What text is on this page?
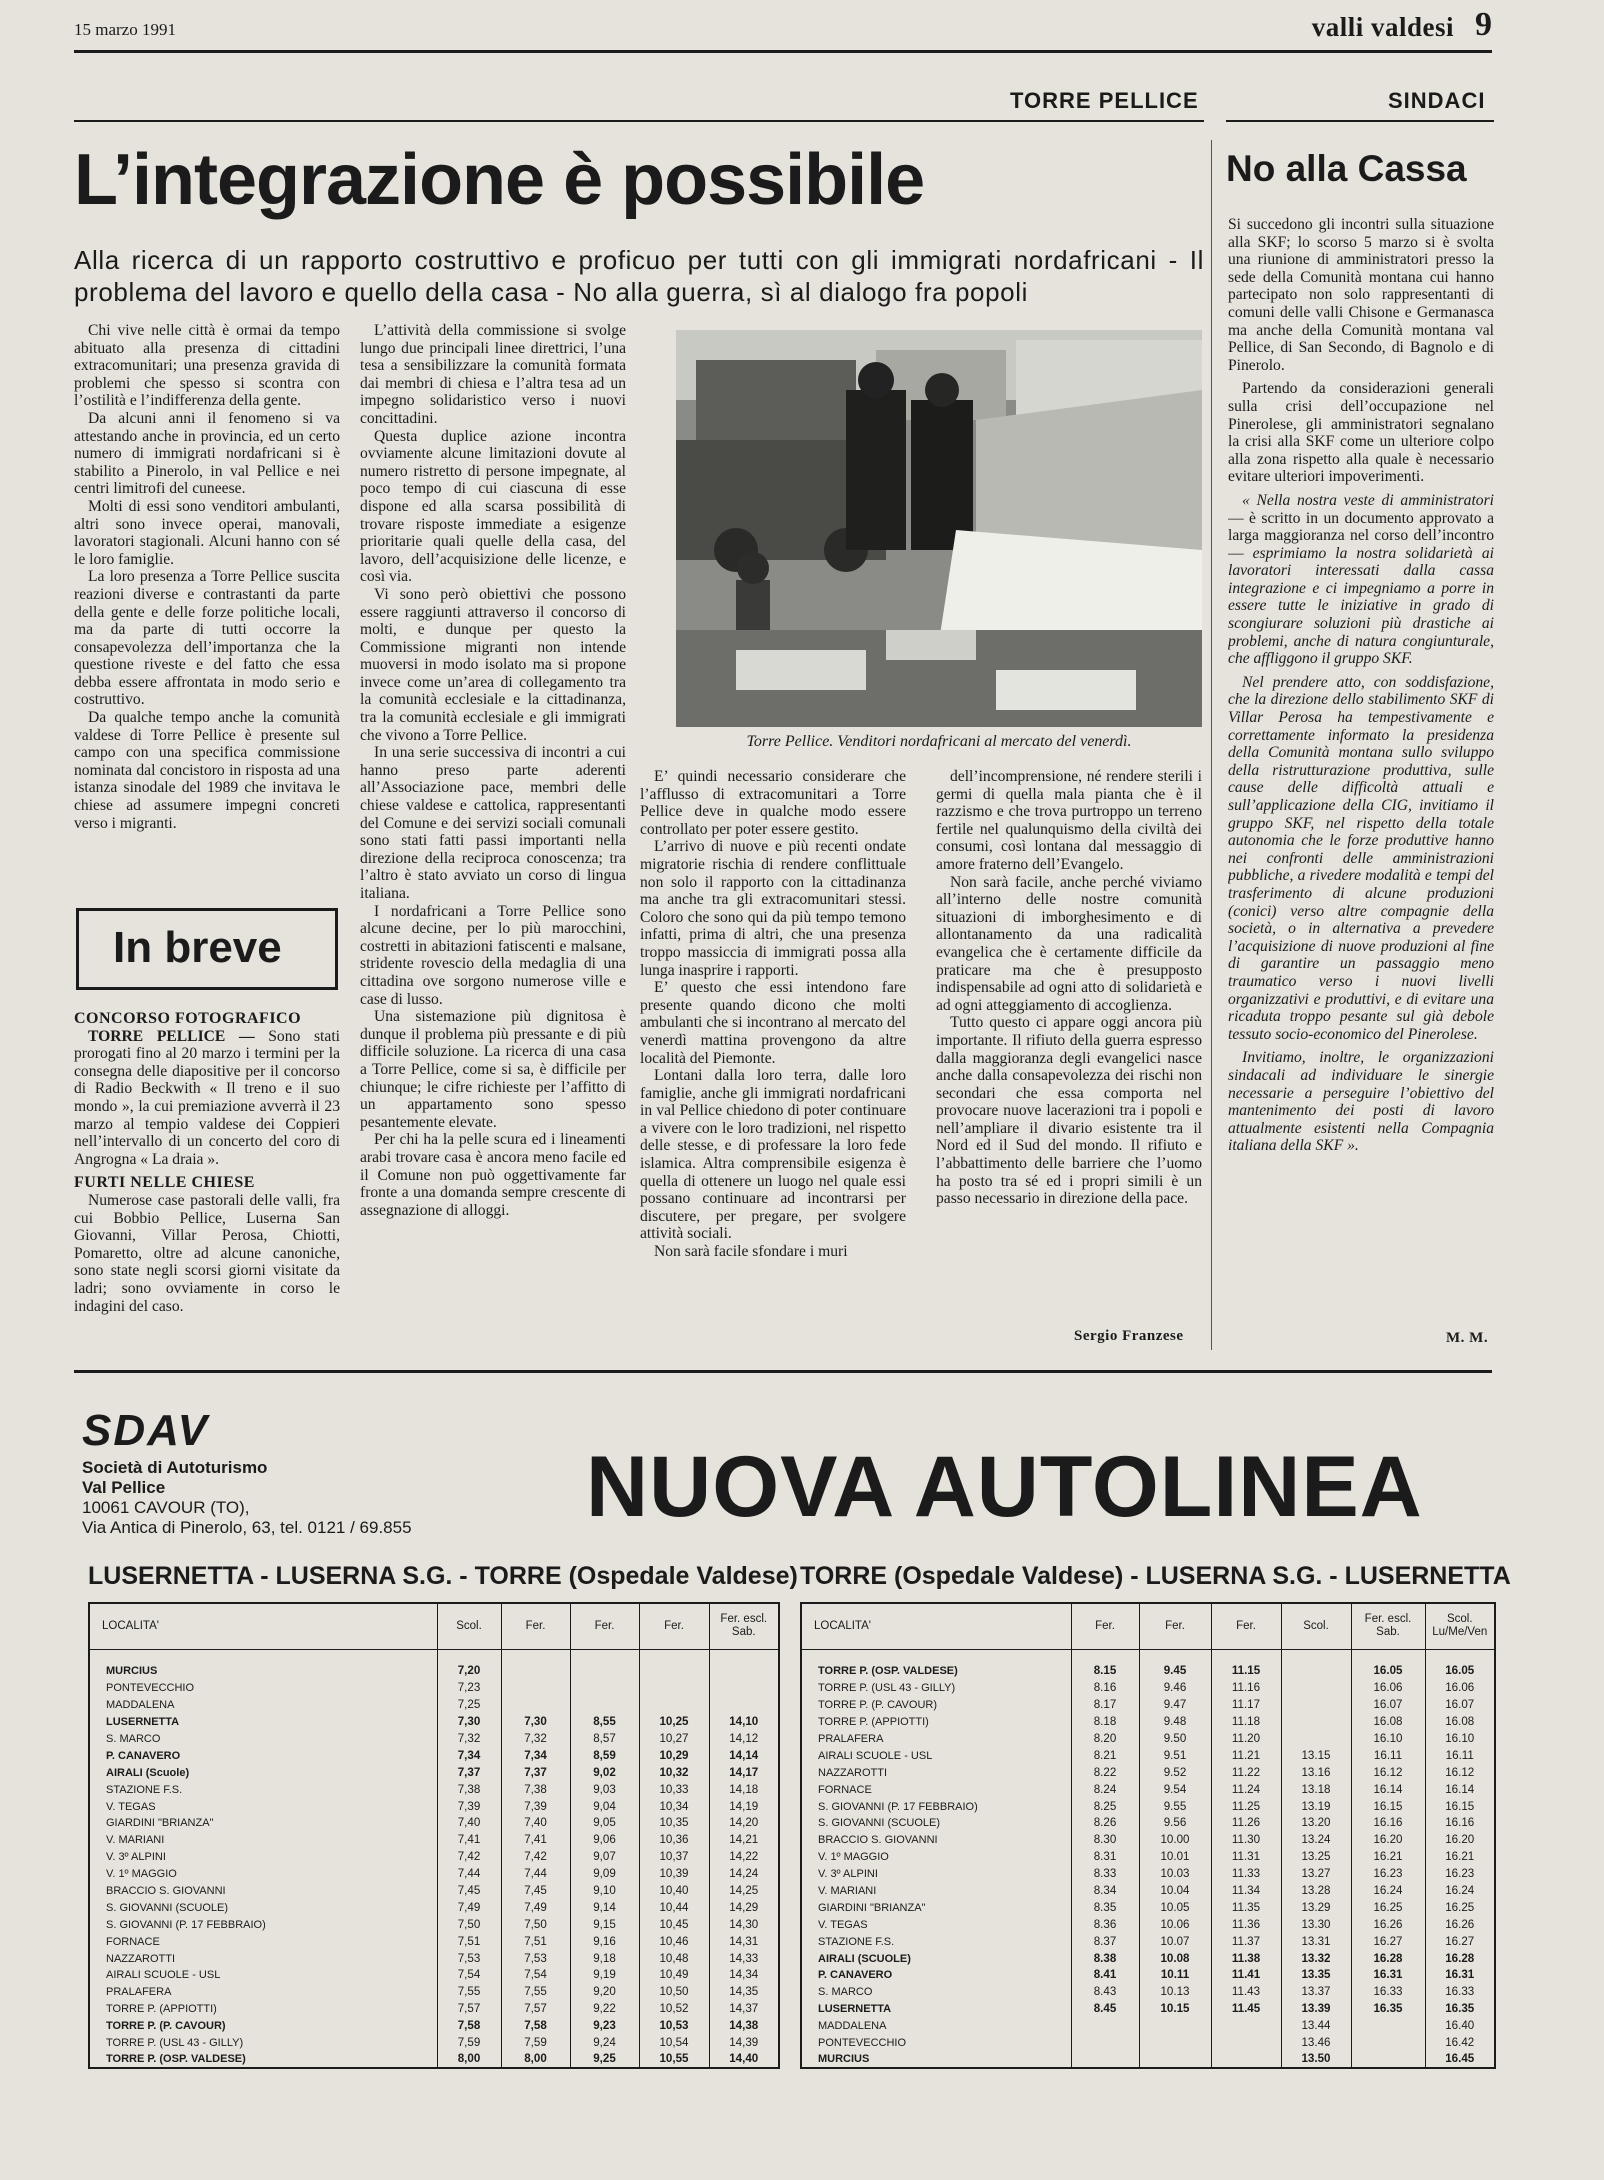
15 marzo 1991	valli valdesi 9
TORRE PELLICE	SINDACI
L’integrazione è possibile
Alla ricerca di un rapporto costruttivo e proficuo per tutti con gli immigrati nordafricani - Il problema del lavoro e quello della casa - No alla guerra, sì al dialogo fra popoli

Chi vive nelle città è ormai da tempo abituato alla presenza di cittadini extracomunitari; una presenza gravida di problemi che spesso si scontra con l’ostilità e l’indifferenza della gente.

Da alcuni anni il fenomeno si va attestando anche in provincia, ed un certo numero di immigrati nordafricani si è stabilito a Pinerolo, in val Pellice e nei centri limitrofi del cuneese.

Molti di essi sono venditori ambulanti, altri sono invece operai, manovali, lavoratori stagionali. Alcuni hanno con sé le loro famiglie.

La loro presenza a Torre Pellice suscita reazioni diverse e contrastanti da parte della gente e delle forze politiche locali, ma da parte di tutti occorre la consapevolezza dell’importanza che la questione riveste e del fatto che essa debba essere affrontata in modo serio e costruttivo.

Da qualche tempo anche la comunità valdese di Torre Pellice è presente sul campo con una specifica commissione nominata dal concistoro in risposta ad una istanza sinodale del 1989 che invitava le chiese ad assumere impegni concreti verso i migranti.

In breve
CONCORSO FOTOGRAFICO

TORRE PELLICE — Sono stati prorogati fino al 20 marzo i termini per la consegna delle diapositive per il concorso di Radio Beckwith « Il treno e il suo mondo », la cui premiazione avverrà il 23 marzo al tempio valdese dei Coppieri nell’intervallo di un concerto del coro di Angrogna « La draia ».

FURTI NELLE CHIESE

Numerose case pastorali delle valli, fra cui Bobbio Pellice, Luserna San Giovanni, Villar Perosa, Chiotti, Pomaretto, oltre ad alcune canoniche, sono state negli scorsi giorni visitate da ladri; sono ovviamente in corso le indagini del caso.

L’attività della commissione si svolge lungo due principali linee direttrici, l’una tesa a sensibilizzare la comunità formata dai membri di chiesa e l’altra tesa ad un impegno solidaristico verso i nuovi concittadini.

Questa duplice azione incontra ovviamente alcune limitazioni dovute al numero ristretto di persone impegnate, al poco tempo di cui ciascuna di esse dispone ed alla scarsa possibilità di trovare risposte immediate a esigenze prioritarie quali quelle della casa, del lavoro, dell’acquisizione delle licenze, e così via.

Vi sono però obiettivi che possono essere raggiunti attraverso il concorso di molti, e dunque per questo la Commissione migranti non intende muoversi in modo isolato ma si propone invece come un’area di collegamento tra la comunità ecclesiale e la cittadinanza, tra la comunità ecclesiale e gli immigrati che vivono a Torre Pellice.

In una serie successiva di incontri a cui hanno preso parte aderenti all’Associazione pace, membri delle chiese valdese e cattolica, rappresentanti del Comune e dei servizi sociali comunali sono stati fatti passi importanti nella direzione della reciproca conoscenza; tra l’altro è stato avviato un corso di lingua italiana.

I nordafricani a Torre Pellice sono alcune decine, per lo più marocchini, costretti in abitazioni fatiscenti e malsane, stridente rovescio della medaglia di una cittadina ove sorgono numerose ville e case di lusso.

Una sistemazione più dignitosa è dunque il problema più pressante e di più difficile soluzione. La ricerca di una casa a Torre Pellice, come si sa, è difficile per chiunque; le cifre richieste per l’affitto di un appartamento sono spesso pesantemente elevate.

Per chi ha la pelle scura ed i lineamenti arabi trovare casa è ancora meno facile ed il Comune non può oggettivamente far fronte a una domanda sempre crescente di assegnazione di alloggi.

Torre Pellice. Venditori nordafricani al mercato del venerdì.

E’ quindi necessario considerare che l’afflusso di extracomunitari a Torre Pellice deve in qualche modo essere controllato per poter essere gestito.

L’arrivo di nuove e più recenti ondate migratorie rischia di rendere conflittuale non solo il rapporto con la cittadinanza ma anche tra gli extracomunitari stessi. Coloro che sono qui da più tempo temono infatti, prima di altri, che una presenza troppo massiccia di immigrati possa alla lunga inasprire i rapporti.

E’ questo che essi intendono fare presente quando dicono che molti ambulanti che si incontrano al mercato del venerdì mattina provengono da altre località del Piemonte.

Lontani dalla loro terra, dalle loro famiglie, anche gli immigrati nordafricani in val Pellice chiedono di poter continuare a vivere con le loro tradizioni, nel rispetto delle stesse, e di professare la loro fede islamica. Altra comprensibile esigenza è quella di ottenere un luogo nel quale essi possano continuare ad incontrarsi per discutere, per pregare, per svolgere attività sociali.

Non sarà facile sfondare i muri

dell’incomprensione, né rendere sterili i germi di quella mala pianta che è il razzismo e che trova purtroppo un terreno fertile nel qualunquismo della civiltà dei consumi, così lontana dal messaggio di amore fraterno dell’Evangelo.

Non sarà facile, anche perché viviamo all’interno delle nostre comunità situazioni di imborghesimento e di allontanamento da una radicalità evangelica che è certamente difficile da praticare ma che è presupposto indispensabile ad ogni atto di solidarietà e ad ogni atteggiamento di accoglienza.

Tutto questo ci appare oggi ancora più importante. Il rifiuto della guerra espresso dalla maggioranza degli evangelici nasce anche dalla consapevolezza dei rischi non secondari che essa comporta nel provocare nuove lacerazioni tra i popoli e nell’ampliare il divario esistente tra il Nord ed il Sud del mondo. Il rifiuto e l’abbattimento delle barriere che l’uomo ha posto tra sé ed i propri simili è un passo necessario in direzione della pace.

Sergio Franzese
No alla Cassa

Si succedono gli incontri sulla situazione alla SKF; lo scorso 5 marzo si è svolta una riunione di amministratori presso la sede della Comunità montana cui hanno partecipato non solo rappresentanti di comuni delle valli Chisone e Germanasca ma anche della Comunità montana val Pellice, di San Secondo, di Bagnolo e di Pinerolo.

Partendo da considerazioni generali sulla crisi dell’occupazione nel Pinerolese, gli amministratori segnalano la crisi alla SKF come un ulteriore colpo alla zona rispetto alla quale è necessario evitare ulteriori impoverimenti.

« Nella nostra veste di amministratori — è scritto in un documento approvato a larga maggioranza nel corso dell’incontro — esprimiamo la nostra solidarietà ai lavoratori interessati dalla cassa integrazione e ci impegniamo a porre in essere tutte le iniziative in grado di scongiurare soluzioni più drastiche ai problemi, anche di natura congiunturale, che affliggono il gruppo SKF.

Nel prendere atto, con soddisfazione, che la direzione dello stabilimento SKF di Villar Perosa ha tempestivamente e correttamente informato la presidenza della Comunità montana sullo sviluppo della ristrutturazione produttiva, sulle cause delle difficoltà attuali e sull’applicazione della CIG, invitiamo il gruppo SKF, nel rispetto della totale autonomia che le forze produttive hanno nei confronti delle amministrazioni pubbliche, a rivedere modalità e tempi del trasferimento di alcune produzioni (conici) verso altre compagnie della società, o in alternativa a prevedere l’acquisizione di nuove produzioni al fine di garantire un passaggio meno traumatico verso i nuovi livelli organizzativi e produttivi, e di evitare una ricaduta troppo pesante sul già debole tessuto socio-economico del Pinerolese.

Invitiamo, inoltre, le organizzazioni sindacali ad individuare le sinergie necessarie a perseguire l’obiettivo del mantenimento dei posti di lavoro attualmente esistenti nella Compagnia italiana della SKF ».

M. M.
SDAV
Società di Autoturismo
Val Pellice
10061 CAVOUR (TO),
Via Antica di Pinerolo, 63, tel. 0121 / 69.855 NUOVA AUTOLINEA
LUSERNETTA - LUSERNA S.G. - TORRE (Ospedale Valdese) TORRE (Ospedale Valdese) - LUSERNA S.G. - LUSERNETTA
LOCALITA'	Scol.	Fer.	Fer.	Fer.	Fer. escl. Sab.

MURCIUS	7,20				
PONTEVECCHIO	7,23				
MADDALENA	7,25				
LUSERNETTA	7,30	7,30	8,55	10,25	14,10
S. MARCO	7,32	7,32	8,57	10,27	14,12
P. CANAVERO	7,34	7,34	8,59	10,29	14,14
AIRALI (Scuole)	7,37	7,37	9,02	10,32	14,17
STAZIONE F.S.	7,38	7,38	9,03	10,33	14,18
V. TEGAS	7,39	7,39	9,04	10,34	14,19
GIARDINI "BRIANZA"	7,40	7,40	9,05	10,35	14,20
V. MARIANI	7,41	7,41	9,06	10,36	14,21
V. 3º ALPINI	7,42	7,42	9,07	10,37	14,22
V. 1º MAGGIO	7,44	7,44	9,09	10,39	14,24
BRACCIO S. GIOVANNI	7,45	7,45	9,10	10,40	14,25
S. GIOVANNI (SCUOLE)	7,49	7,49	9,14	10,44	14,29
S. GIOVANNI (P. 17 FEBBRAIO)	7,50	7,50	9,15	10,45	14,30
FORNACE	7,51	7,51	9,16	10,46	14,31
NAZZAROTTI	7,53	7,53	9,18	10,48	14,33
AIRALI SCUOLE - USL	7,54	7,54	9,19	10,49	14,34
PRALAFERA	7,55	7,55	9,20	10,50	14,35
TORRE P. (APPIOTTI)	7,57	7,57	9,22	10,52	14,37
TORRE P. (P. CAVOUR)	7,58	7,58	9,23	10,53	14,38
TORRE P. (USL 43 - GILLY)	7,59	7,59	9,24	10,54	14,39
TORRE P. (OSP. VALDESE)	8,00	8,00	9,25	10,55	14,40
LOCALITA'	Fer.	Fer.	Fer.	Scol.	Fer. escl. Sab.	Scol. Lu/Me/Ven

TORRE P. (OSP. VALDESE)	8.15	9.45	11.15		16.05	16.05
TORRE P. (USL 43 - GILLY)	8.16	9.46	11.16		16.06	16.06
TORRE P. (P. CAVOUR)	8.17	9.47	11.17		16.07	16.07
TORRE P. (APPIOTTI)	8.18	9.48	11.18		16.08	16.08
PRALAFERA	8.20	9.50	11.20		16.10	16.10
AIRALI SCUOLE - USL	8.21	9.51	11.21	13.15	16.11	16.11
NAZZAROTTI	8.22	9.52	11.22	13.16	16.12	16.12
FORNACE	8.24	9.54	11.24	13.18	16.14	16.14
S. GIOVANNI (P. 17 FEBBRAIO)	8.25	9.55	11.25	13.19	16.15	16.15
S. GIOVANNI (SCUOLE)	8.26	9.56	11.26	13.20	16.16	16.16
BRACCIO S. GIOVANNI	8.30	10.00	11.30	13.24	16.20	16.20
V. 1º MAGGIO	8.31	10.01	11.31	13.25	16.21	16.21
V. 3º ALPINI	8.33	10.03	11.33	13.27	16.23	16.23
V. MARIANI	8.34	10.04	11.34	13.28	16.24	16.24
GIARDINI "BRIANZA"	8.35	10.05	11.35	13.29	16.25	16.25
V. TEGAS	8.36	10.06	11.36	13.30	16.26	16.26
STAZIONE F.S.	8.37	10.07	11.37	13.31	16.27	16.27
AIRALI (SCUOLE)	8.38	10.08	11.38	13.32	16.28	16.28
P. CANAVERO	8.41	10.11	11.41	13.35	16.31	16.31
S. MARCO	8.43	10.13	11.43	13.37	16.33	16.33
LUSERNETTA	8.45	10.15	11.45	13.39	16.35	16.35
MADDALENA				13.44		16.40
PONTEVECCHIO				13.46		16.42
MURCIUS				13.50		16.45
